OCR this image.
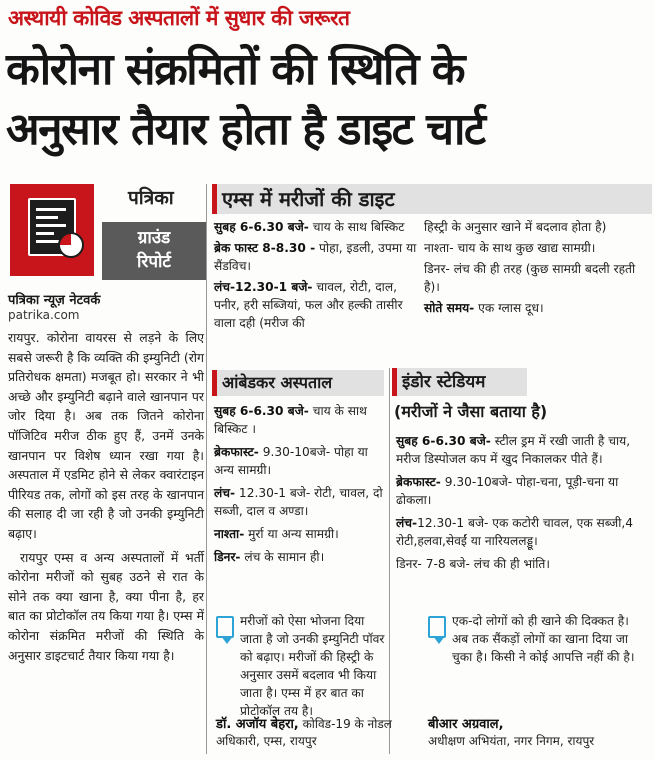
अस्थायी कोविड अस्पतालों में सुधार की जरूरत
कोरोना संक्रमितों की स्थिति के
अनुसार तैयार होता है डाइट चार्ट
पत्रिका
ग्राउंड
रिपोर्ट
पत्रिका न्यूज़ नेटवर्क
patrika.com

रायपुर. कोरोना वायरस से लड़ने के लिए सबसे जरूरी है कि व्यक्ति की इम्युनिटी (रोग प्रतिरोधक क्षमता) मजबूत हो। सरकार ने भी अच्छे और इम्युनिटी बढ़ाने वाले खानपान पर जोर दिया है। अब तक जितने कोरोना पॉजिटिव मरीज ठीक हुए हैं, उनमें उनके खानपान पर विशेष ध्यान रखा गया है। अस्पताल में एडमिट होने से लेकर क्वारंटाइन पीरियड तक, लोगों को इस तरह के खानपान की सलाह दी जा रही है जो उनकी इम्युनिटी बढ़ाए।

रायपुर एम्स व अन्य अस्पतालों में भर्ती कोरोना मरीजों को सुबह उठने से रात के सोने तक क्या खाना है, क्या पीना है, हर बात का प्रोटोकॉल तय किया गया है। एम्स में कोरोना संक्रमित मरीजों की स्थिति के अनुसार डाइटचार्ट तैयार किया गया है।

एम्स में मरीजों की डाइट

सुबह 6-6.30 बजे- चाय के साथ बिस्किट

ब्रेक फास्ट 8-8.30 - पोहा, इडली, उपमा या सैंडविच।

लंच-12.30-1 बजे- चावल, रोटी, दाल, पनीर, हरी सब्जियां, फल और हल्की तासीर वाला दही (मरीज की

हिस्ट्री के अनुसार खाने में बदलाव होता है)

नाश्ता- चाय के साथ कुछ खाद्य सामग्री।

डिनर- लंच की ही तरह (कुछ सामग्री बदली रहती है)।

सोते समय- एक ग्लास दूध।

आंबेडकर अस्पताल

सुबह 6-6.30 बजे- चाय के साथ बिस्किट ।

ब्रेकफास्ट- 9.30-10बजे- पोहा या अन्य सामग्री।

लंच- 12.30-1 बजे- रोटी, चावल, दो सब्जी, दाल व अण्डा।

नाश्ता- मुर्रा या अन्य सामग्री।

डिनर- लंच के सामान ही।

इंडोर स्टेडियम
(मरीजों ने जैसा बताया है)

सुबह 6-6.30 बजे- स्टील ड्रम में रखी जाती है चाय, मरीज डिस्पोजल कप में खुद निकालकर पीते हैं।

ब्रेकफास्ट- 9.30-10बजे- पोहा-चना, पूड़ी-चना या ढोकला।

लंच-12.30-1 बजे- एक कटोरी चावल, एक सब्जी,4 रोटी,हलवा,सेवईं या नारियललड्डू।

डिनर- 7-8 बजे- लंच की ही भांति।

मरीजों को ऐसा भोजना दिया जाता है जो उनकी इम्युनिटी पॉवर को बढ़ाए। मरीजों की हिस्ट्री के अनुसार उसमें बदलाव भी किया जाता है। एम्स में हर बात का प्रोटोकॉल तय है।
डॉ. अजॉय बेहरा, कोविड-19 के नोडल अधिकारी, एम्स, रायपुर
एक-दो लोगों को ही खाने की दिक्कत है। अब तक सैंकड़ों लोगों का खाना दिया जा चुका है। किसी ने कोई आपत्ति नहीं की है।
बीआर अग्रवाल,
अधीक्षण अभियंता, नगर निगम, रायपुर
